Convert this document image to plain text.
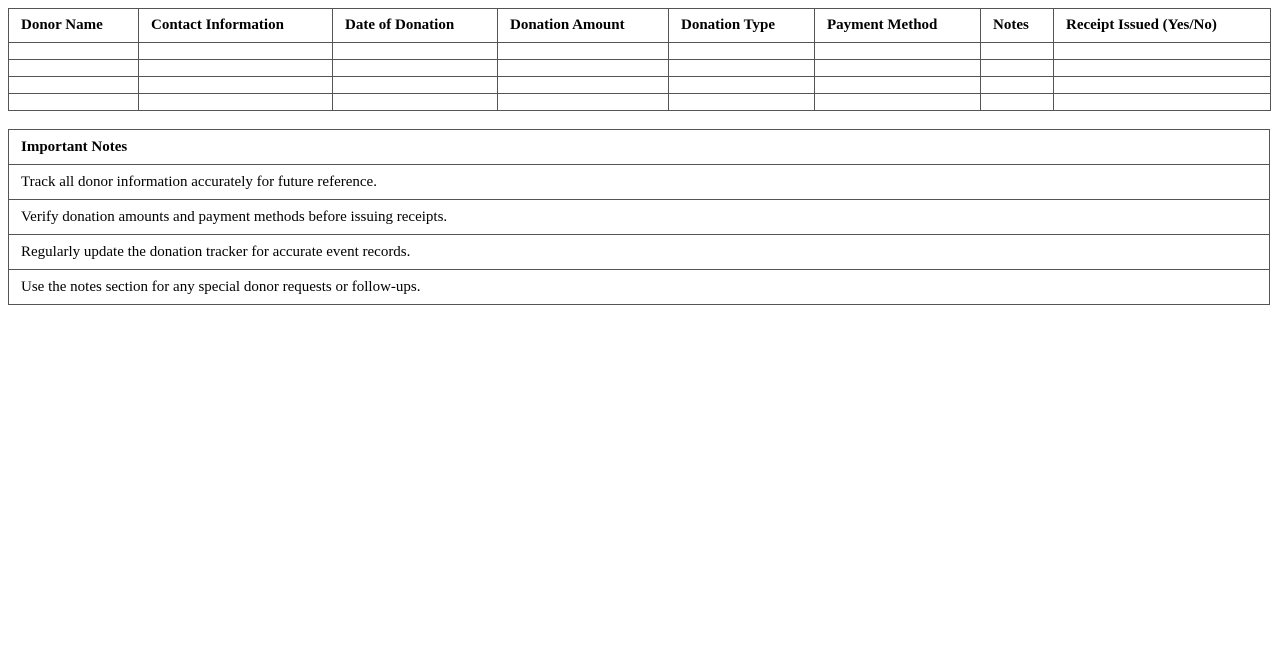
Donor Name	Contact Information	Date of Donation	Donation Amount	Donation Type	Payment Method	Notes	Receipt Issued (Yes/No)

Important Notes
Track all donor information accurately for future reference.
Verify donation amounts and payment methods before issuing receipts.
Regularly update the donation tracker for accurate event records.
Use the notes section for any special donor requests or follow-ups.
